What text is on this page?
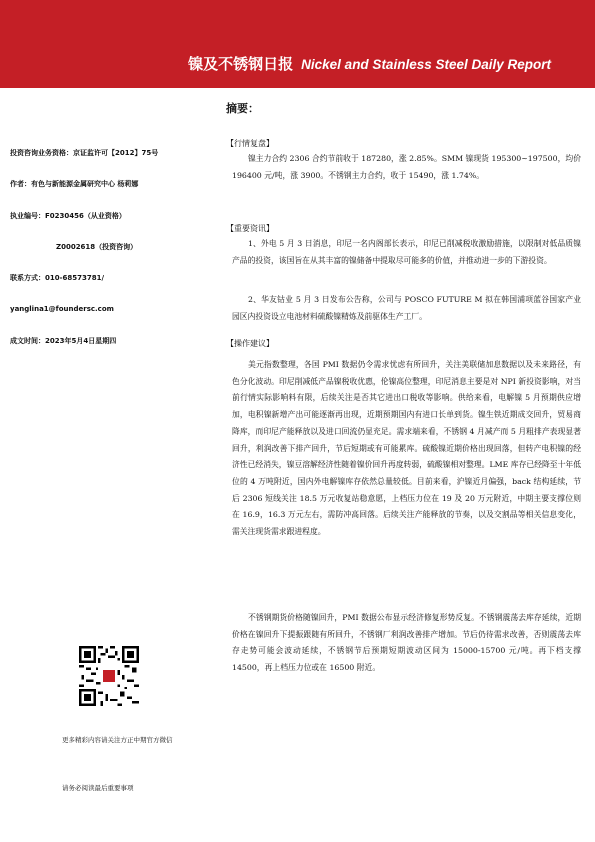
镍及不锈钢日报 Nickel and Stainless Steel Daily Report
投资咨询业务资格：京证监许可【2012】75号
作者：有色与新能源金属研究中心 杨莉娜
执业编号：F0230456（从业资格）
Z0002618（投资咨询）
联系方式：010-68573781/
yanglina1@foundersc.com
成文时间：2023年5月4日星期四
更多精彩内容请关注方正中期官方微信
请务必阅读最后重要事项
摘要：
【行情复盘】

镍主力合约 2306 合约节前收于 187280，涨 2.85%。SMM 镍现货 195300~197500，均价 196400 元/吨，涨 3900。不锈钢主力合约，收于 15490，涨 1.74%。

【重要资讯】

1、外电 5 月 3 日消息，印尼一名内阁部长表示，印尼已削减税收激励措施，以限制对低品质镍产品的投资，该国旨在从其丰富的镍储备中提取尽可能多的价值，并推动进一步的下游投资。

2、华友钴业 5 月 3 日发布公告称，公司与 POSCO FUTURE M 拟在韩国浦项蓝谷国家产业园区内投资设立电池材料硫酸镍精炼及前驱体生产工厂。

【操作建议】

美元指数整理，各国 PMI 数据仍令需求忧虑有所回升，关注美联储加息数据以及未来路径，有色分化波动。印尼削减低产品镍税收优惠，伦镍高位整理，印尼消息主要是对 NPI 新投资影响，对当前行情实际影响料有限，后续关注是否其它进出口税收等影响。供给来看，电解镍 5 月预期供应增加，电积镍新增产出可能逐渐再出现，近期预期国内有进口长单到货。镍生铁近期成交回升，贸易商降库，而印尼产能释放以及进口回流仍显充足。需求端来看，不锈钢 4 月减产而 5 月粗排产表现显著回升，利润改善下排产回升，节后短期或有可能累库。硫酸镍近期价格出现回落，但转产电积镍的经济性已经消失，镍豆溶解经济性随着镍价回升再度转弱，硫酸镍相对整理。LME 库存已经降至十年低位的 4 万吨附近，国内外电解镍库存依然总量较低。目前来看，沪镍近月偏强，back 结构延续，节后 2306 短线关注 18.5 万元收复站稳意愿，上档压力位在 19 及 20 万元附近，中期主要支撑位则在 16.9，16.3 万元左右，需防冲高回落。后续关注产能释放的节奏，以及交割品等相关信息变化，需关注现货需求跟进程度。

不锈钢期货价格随镍回升，PMI 数据公布显示经济修复形势反复。不锈钢震荡去库存延续，近期价格在镍回升下提振跟随有所回升，不锈钢厂利润改善排产增加。节后仍待需求改善，否则震荡去库存走势可能会波动延续，不锈钢节后预期短期波动区间为 15000-15700 元/吨。再下档支撑 14500，再上档压力位或在 16500 附近。
